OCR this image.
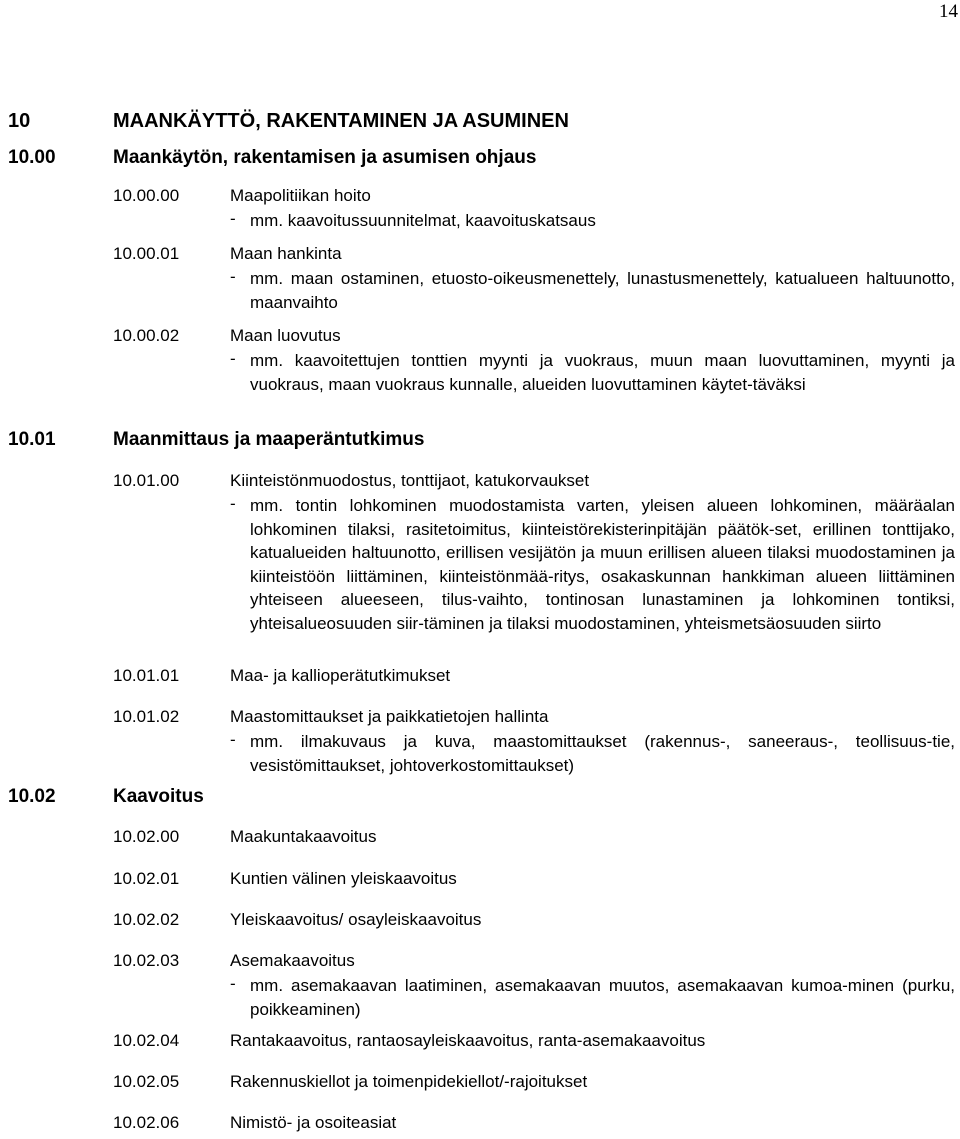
14
10	MAANKÄYTTÖ, RAKENTAMINEN JA ASUMINEN
10.00	Maankäytön, rakentamisen ja asumisen ohjaus
10.00.00	Maapolitiikan hoito
- mm. kaavoitussuunnitelmat, kaavoituskatsaus
10.00.01	Maan hankinta
- mm. maan ostaminen, etuosto-oikeusmenettely, lunastusmenettely, katualueen haltuunotto, maanvaihto
10.00.02	Maan luovutus
- mm. kaavoitettujen tonttien myynti ja vuokraus, muun maan luovuttaminen, myynti ja vuokraus, maan vuokraus kunnalle, alueiden luovuttaminen käytet-täväksi
10.01	Maanmittaus ja maaperäntutkimus
10.01.00	Kiinteistönmuodostus, tonttijaot, katukorvaukset
- mm. tontin lohkominen muodostamista varten, yleisen alueen lohkominen, määräalan lohkominen tilaksi, rasitetoimitus, kiinteistörekisterinpitäjän päätök-set, erillinen tonttijako, katualueiden haltuunotto, erillisen vesijätön ja muun erillisen alueen tilaksi muodostaminen ja kiinteistöön liittäminen, kiinteistönmää-ritys, osakaskunnan hankkiman alueen liittäminen yhteiseen alueeseen, tilus-vaihto, tontinosan lunastaminen ja lohkominen tontiksi, yhteisalueosuuden siir-täminen ja tilaksi muodostaminen, yhteismetsäosuuden siirto
10.01.01	Maa- ja kallioperätutkimukset
10.01.02	Maastomittaukset ja paikkatietojen hallinta
- mm. ilmakuvaus ja kuva, maastomittaukset (rakennus-, saneeraus-, teollisuus-tie, vesistömittaukset, johtoverkostomittaukset)
10.02	Kaavoitus
10.02.00	Maakuntakaavoitus
10.02.01	Kuntien välinen yleiskaavoitus
10.02.02	Yleiskaavoitus/ osayleiskaavoitus
10.02.03	Asemakaavoitus
- mm. asemakaavan laatiminen, asemakaavan muutos, asemakaavan kumoa-minen (purku, poikkeaminen)
10.02.04	Rantakaavoitus, rantaosayleiskaavoitus, ranta-asemakaavoitus
10.02.05	Rakennuskiellot ja toimenpidekiellot/-rajoitukset
10.02.06	Nimistö- ja osoiteasiat
